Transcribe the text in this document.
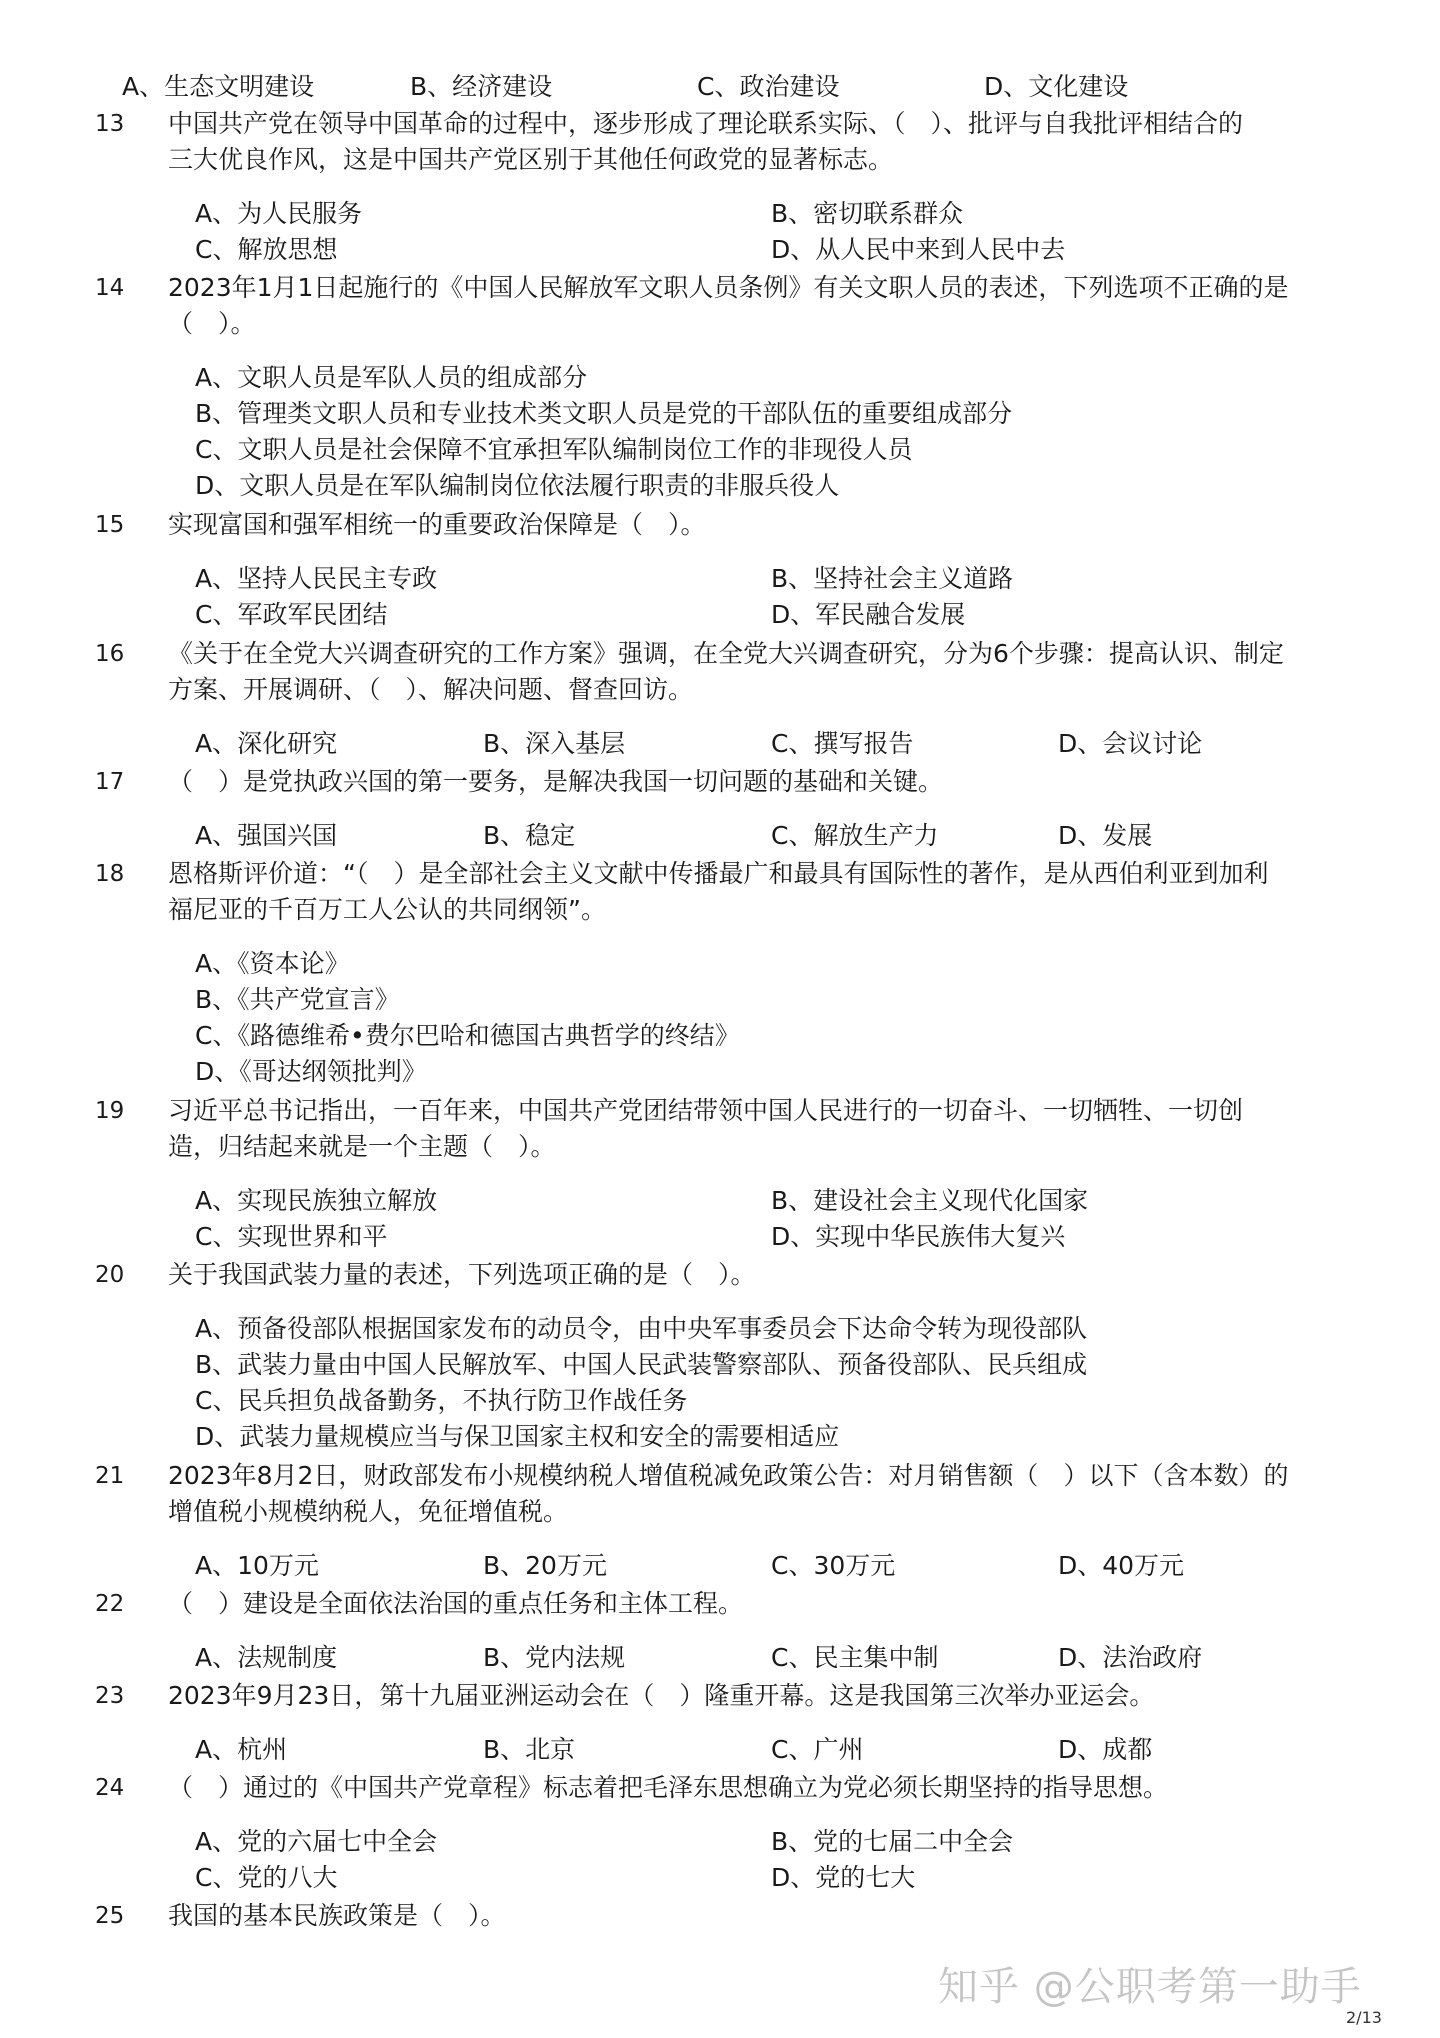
A、生态文明建设	B、经济建设	C、政治建设	D、文化建设
13 中国共产党在领导中国革命的过程中，逐步形成了理论联系实际、（　）、批评与自我批评相结合的
三大优良作风，这是中国共产党区别于其他任何政党的显著标志。
A、为人民服务	B、密切联系群众
C、解放思想	D、从人民中来到人民中去
14 2023年1月1日起施行的《中国人民解放军文职人员条例》有关文职人员的表述，下列选项不正确的是
（　）。
A、文职人员是军队人员的组成部分
B、管理类文职人员和专业技术类文职人员是党的干部队伍的重要组成部分
C、文职人员是社会保障不宜承担军队编制岗位工作的非现役人员
D、文职人员是在军队编制岗位依法履行职责的非服兵役人
15 实现富国和强军相统一的重要政治保障是（　）。
A、坚持人民民主专政	B、坚持社会主义道路
C、军政军民团结	D、军民融合发展
16 《关于在全党大兴调查研究的工作方案》强调，在全党大兴调查研究，分为6个步骤：提高认识、制定
方案、开展调研、（　）、解决问题、督查回访。
A、深化研究	B、深入基层	C、撰写报告	D、会议讨论
17 （　）是党执政兴国的第一要务，是解决我国一切问题的基础和关键。
A、强国兴国	B、稳定	C、解放生产力	D、发展
18 恩格斯评价道：“（　）是全部社会主义文献中传播最广和最具有国际性的著作，是从西伯利亚到加利
福尼亚的千百万工人公认的共同纲领”。
A、《资本论》
B、《共产党宣言》
C、《路德维希•费尔巴哈和德国古典哲学的终结》
D、《哥达纲领批判》
19 习近平总书记指出，一百年来，中国共产党团结带领中国人民进行的一切奋斗、一切牺牲、一切创
造，归结起来就是一个主题（　）。
A、实现民族独立解放	B、建设社会主义现代化国家
C、实现世界和平	D、实现中华民族伟大复兴
20 关于我国武装力量的表述，下列选项正确的是（　）。
A、预备役部队根据国家发布的动员令，由中央军事委员会下达命令转为现役部队
B、武装力量由中国人民解放军、中国人民武装警察部队、预备役部队、民兵组成
C、民兵担负战备勤务，不执行防卫作战任务
D、武装力量规模应当与保卫国家主权和安全的需要相适应
21 2023年8月2日，财政部发布小规模纳税人增值税减免政策公告：对月销售额（　）以下（含本数）的
增值税小规模纳税人，免征增值税。
A、10万元	B、20万元	C、30万元	D、40万元
22 （　）建设是全面依法治国的重点任务和主体工程。
A、法规制度	B、党内法规	C、民主集中制	D、法治政府
23 2023年9月23日，第十九届亚洲运动会在（　）隆重开幕。这是我国第三次举办亚运会。
A、杭州	B、北京	C、广州	D、成都
24 （　）通过的《中国共产党章程》标志着把毛泽东思想确立为党必须长期坚持的指导思想。
A、党的六届七中全会	B、党的七届二中全会
C、党的八大	D、党的七大
25 我国的基本民族政策是（　）。
知乎 @公职考第一助手
2/13
